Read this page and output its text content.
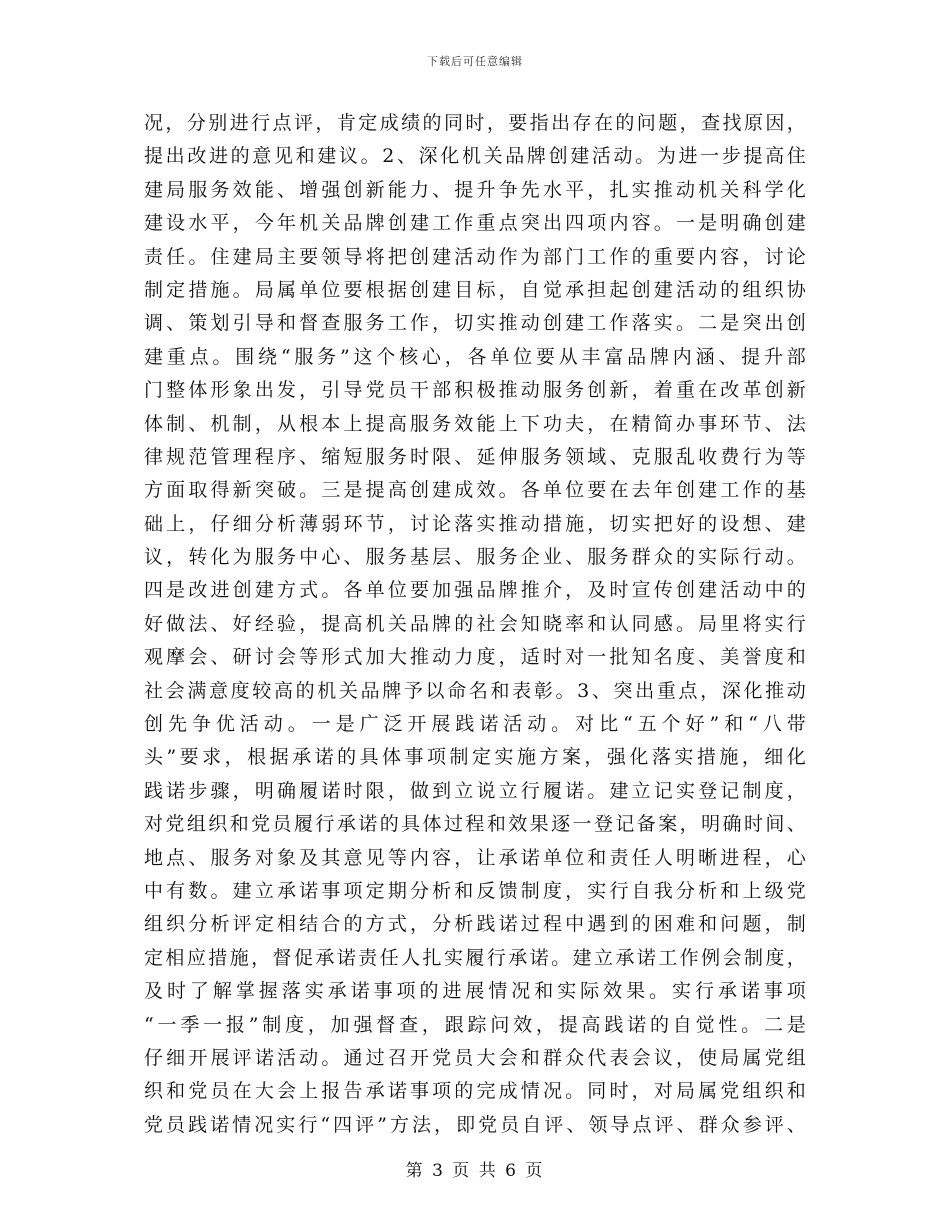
下载后可任意编辑
况，分别进行点评，肯定成绩的同时，要指出存在的问题，查找原因，
提出改进的意见和建议。2、深化机关品牌创建活动。为进一步提高住
建局服务效能、增强创新能力、提升争先水平，扎实推动机关科学化
建设水平，今年机关品牌创建工作重点突出四项内容。一是明确创建
责任。住建局主要领导将把创建活动作为部门工作的重要内容，讨论
制定措施。局属单位要根据创建目标，自觉承担起创建活动的组织协
调、策划引导和督查服务工作，切实推动创建工作落实。二是突出创
建重点。围绕“服务”这个核心，各单位要从丰富品牌内涵、提升部
门整体形象出发，引导党员干部积极推动服务创新，着重在改革创新
体制、机制，从根本上提高服务效能上下功夫，在精简办事环节、法
律规范管理程序、缩短服务时限、延伸服务领域、克服乱收费行为等
方面取得新突破。三是提高创建成效。各单位要在去年创建工作的基
础上，仔细分析薄弱环节，讨论落实推动措施，切实把好的设想、建
议，转化为服务中心、服务基层、服务企业、服务群众的实际行动。
四是改进创建方式。各单位要加强品牌推介，及时宣传创建活动中的
好做法、好经验，提高机关品牌的社会知晓率和认同感。局里将实行
观摩会、研讨会等形式加大推动力度，适时对一批知名度、美誉度和
社会满意度较高的机关品牌予以命名和表彰。3、突出重点，深化推动
创先争优活动。一是广泛开展践诺活动。对比“五个好”和“八带
头”要求，根据承诺的具体事项制定实施方案，强化落实措施，细化
践诺步骤，明确履诺时限，做到立说立行履诺。建立记实登记制度，
对党组织和党员履行承诺的具体过程和效果逐一登记备案，明确时间、
地点、服务对象及其意见等内容，让承诺单位和责任人明晰进程，心
中有数。建立承诺事项定期分析和反馈制度，实行自我分析和上级党
组织分析评定相结合的方式，分析践诺过程中遇到的困难和问题，制
定相应措施，督促承诺责任人扎实履行承诺。建立承诺工作例会制度，
及时了解掌握落实承诺事项的进展情况和实际效果。实行承诺事项
“一季一报”制度，加强督查，跟踪问效，提高践诺的自觉性。二是
仔细开展评诺活动。通过召开党员大会和群众代表会议，使局属党组
织和党员在大会上报告承诺事项的完成情况。同时，对局属党组织和
党员践诺情况实行“四评”方法，即党员自评、领导点评、群众参评、
第 3 页 共 6 页
